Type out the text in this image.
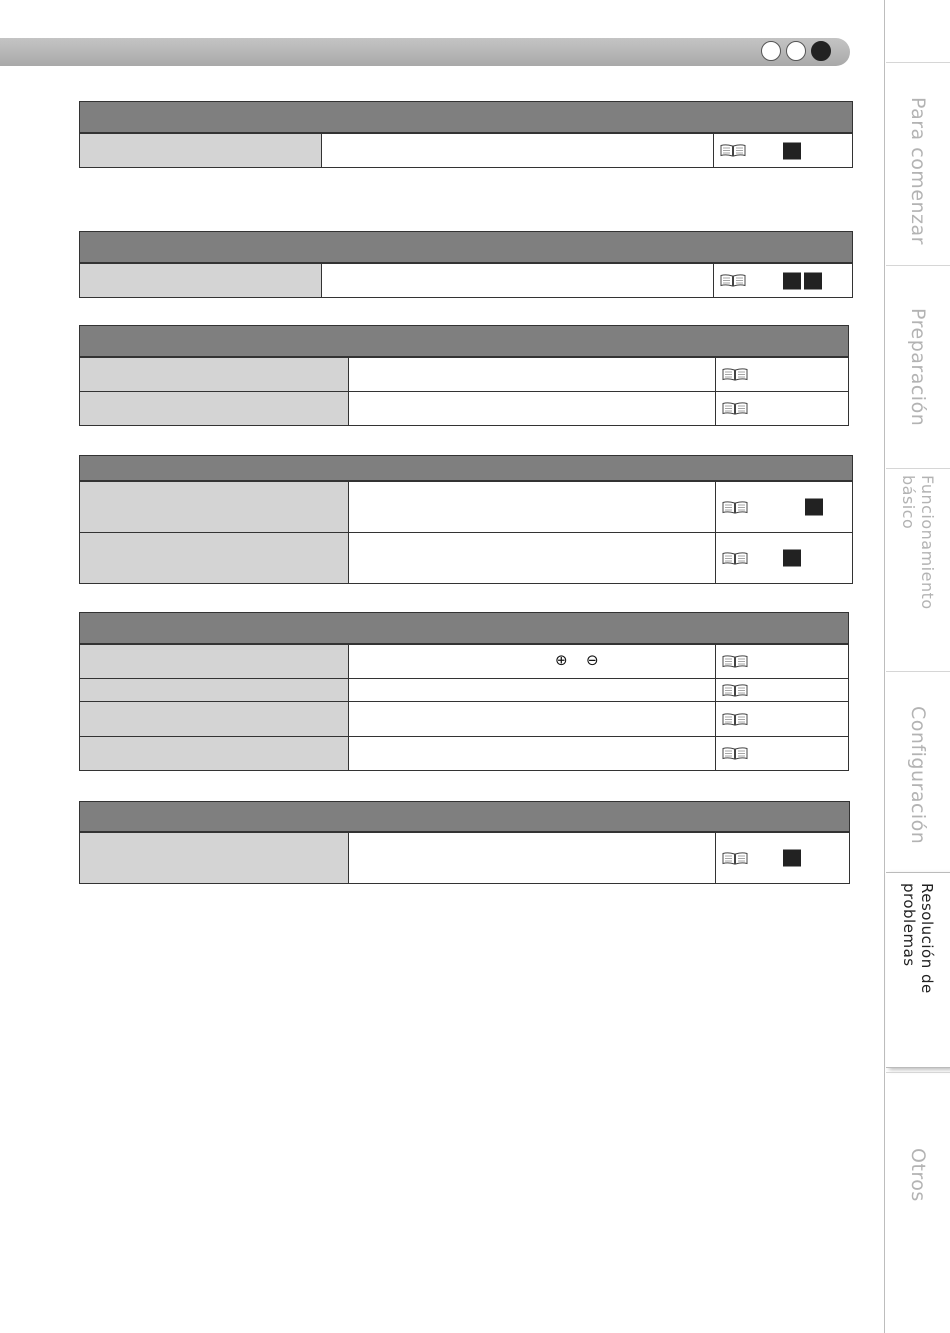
Para comenzar
Preparación
Funcionamiento básico
Configuración
Resolución de problemas
Otros
⊕ ⊖
